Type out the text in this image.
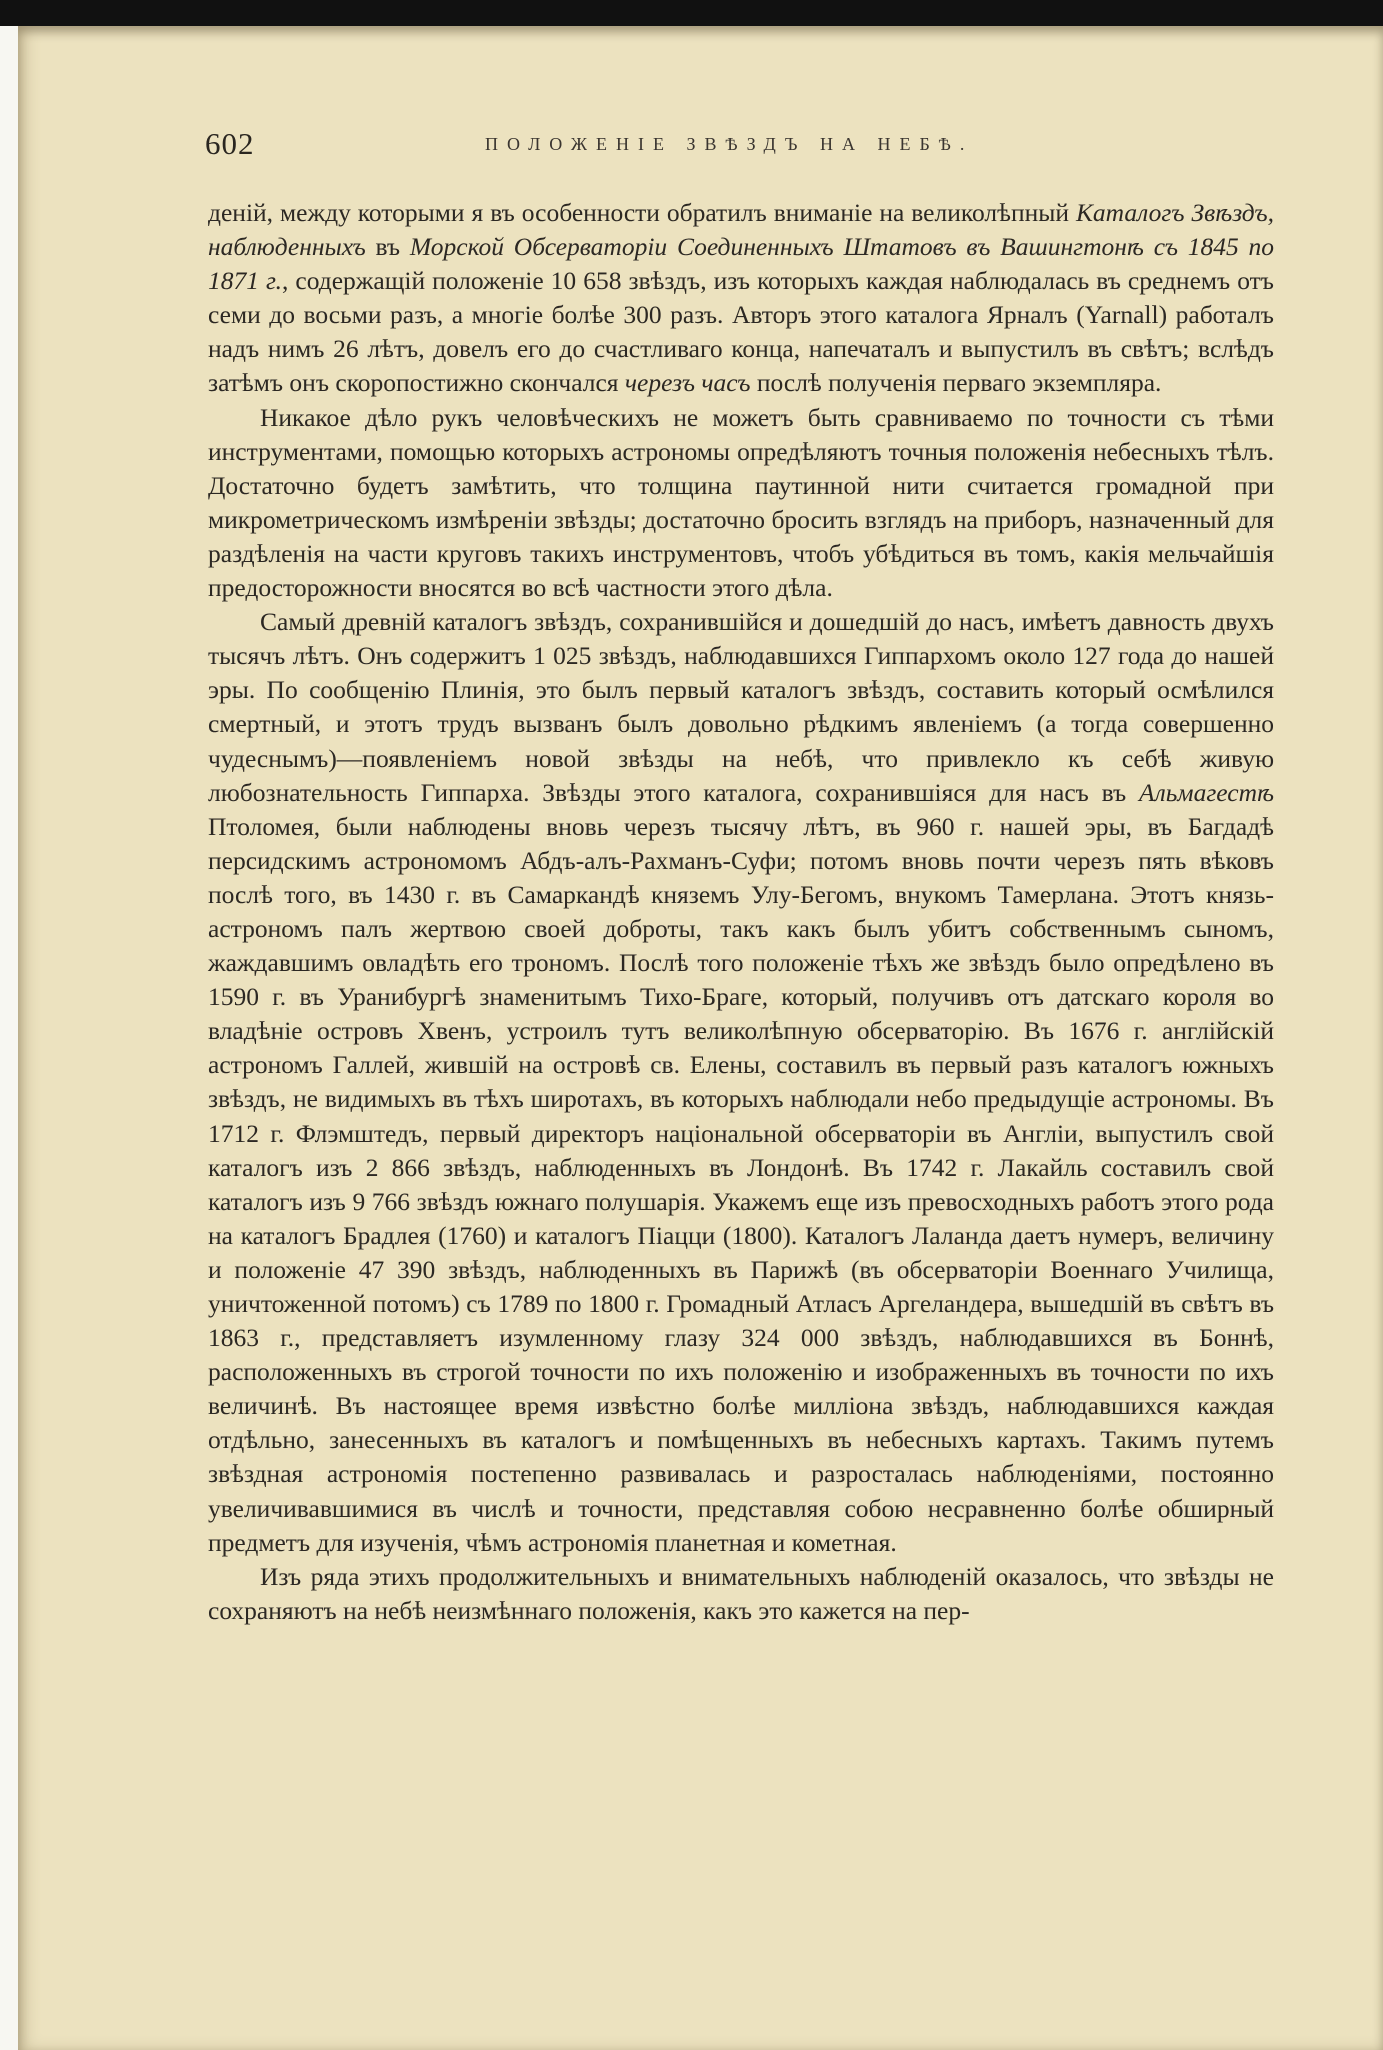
602	ПОЛОЖЕНІЕ ЗВѢЗДЪ НА НЕБѢ.

деній, между которыми я въ особенности обратилъ вниманіе на великолѣпный Каталогъ Звѣздъ, наблюденныхъ въ Морской Обсерваторіи Соединенныхъ Штатовъ въ Вашингтонѣ съ 1845 по 1871 г., содержащій положеніе 10 658 звѣздъ, изъ которыхъ каждая наблюдалась въ среднемъ отъ семи до восьми разъ, а многіе болѣе 300 разъ. Авторъ этого каталога Ярналъ (Yarnall) работалъ надъ нимъ 26 лѣтъ, довелъ его до счастливаго конца, напечаталъ и выпустилъ въ свѣтъ; вслѣдъ затѣмъ онъ скоропостижно скончался черезъ часъ послѣ полученія перваго экземпляра.

Никакое дѣло рукъ человѣческихъ не можетъ быть сравниваемо по точности съ тѣми инструментами, помощью которыхъ астрономы опредѣляютъ точныя положенія небесныхъ тѣлъ. Достаточно будетъ замѣтить, что толщина паутинной нити считается громадной при микрометрическомъ измѣреніи звѣзды; достаточно бросить взглядъ на приборъ, назначенный для раздѣленія на части круговъ такихъ инструментовъ, чтобъ убѣдиться въ томъ, какія мельчайшія предосторожности вносятся во всѣ частности этого дѣла.

Самый древній каталогъ звѣздъ, сохранившійся и дошедшій до насъ, имѣетъ давность двухъ тысячъ лѣтъ. Онъ содержитъ 1 025 звѣздъ, наблюдавшихся Гиппархомъ около 127 года до нашей эры. По сообщенію Плинія, это былъ первый каталогъ звѣздъ, составить который осмѣлился смертный, и этотъ трудъ вызванъ былъ довольно рѣдкимъ явленіемъ (а тогда совершенно чудеснымъ)—появленіемъ новой звѣзды на небѣ, что привлекло къ себѣ живую любознательность Гиппарха. Звѣзды этого каталога, сохранившіяся для насъ въ Альмагестѣ Птоломея, были наблюдены вновь черезъ тысячу лѣтъ, въ 960 г. нашей эры, въ Багдадѣ персидскимъ астрономомъ Абдъ-алъ-Рахманъ-Суфи; потомъ вновь почти черезъ пять вѣковъ послѣ того, въ 1430 г. въ Самаркандѣ княземъ Улу-Бегомъ, внукомъ Тамерлана. Этотъ князь-астрономъ палъ жертвою своей доброты, такъ какъ былъ убитъ собственнымъ сыномъ, жаждавшимъ овладѣть его трономъ. Послѣ того положеніе тѣхъ же звѣздъ было опредѣлено въ 1590 г. въ Уранибургѣ знаменитымъ Тихо-Браге, который, получивъ отъ датскаго короля во владѣніе островъ Хвенъ, устроилъ тутъ великолѣпную обсерваторію. Въ 1676 г. англійскій астрономъ Галлей, жившій на островѣ св. Елены, составилъ въ первый разъ каталогъ южныхъ звѣздъ, не видимыхъ въ тѣхъ широтахъ, въ которыхъ наблюдали небо предыдущіе астрономы. Въ 1712 г. Флэмштедъ, первый директоръ національной обсерваторіи въ Англіи, выпустилъ свой каталогъ изъ 2 866 звѣздъ, наблюденныхъ въ Лондонѣ. Въ 1742 г. Лакайль составилъ свой каталогъ изъ 9 766 звѣздъ южнаго полушарія. Укажемъ еще изъ превосходныхъ работъ этого рода на каталогъ Брадлея (1760) и каталогъ Піацци (1800). Каталогъ Лаланда даетъ нумеръ, величину и положеніе 47 390 звѣздъ, наблюденныхъ въ Парижѣ (въ обсерваторіи Военнаго Училища, уничтоженной потомъ) съ 1789 по 1800 г. Громадный Атласъ Аргеландера, вышедшій въ свѣтъ въ 1863 г., представляетъ изумленному глазу 324 000 звѣздъ, наблюдавшихся въ Боннѣ, расположенныхъ въ строгой точности по ихъ положенію и изображенныхъ въ точности по ихъ величинѣ. Въ настоящее время извѣстно болѣе милліона звѣздъ, наблюдавшихся каждая отдѣльно, занесенныхъ въ каталогъ и помѣщенныхъ въ небесныхъ картахъ. Такимъ путемъ звѣздная астрономія постепенно развивалась и разросталась наблюденіями, постоянно увеличивавшимися въ числѣ и точности, представляя собою несравненно болѣе обширный предметъ для изученія, чѣмъ астрономія планетная и кометная.

Изъ ряда этихъ продолжительныхъ и внимательныхъ наблюденій оказалось, что звѣзды не сохраняютъ на небѣ неизмѣннаго положенія, какъ это кажется на пер-
